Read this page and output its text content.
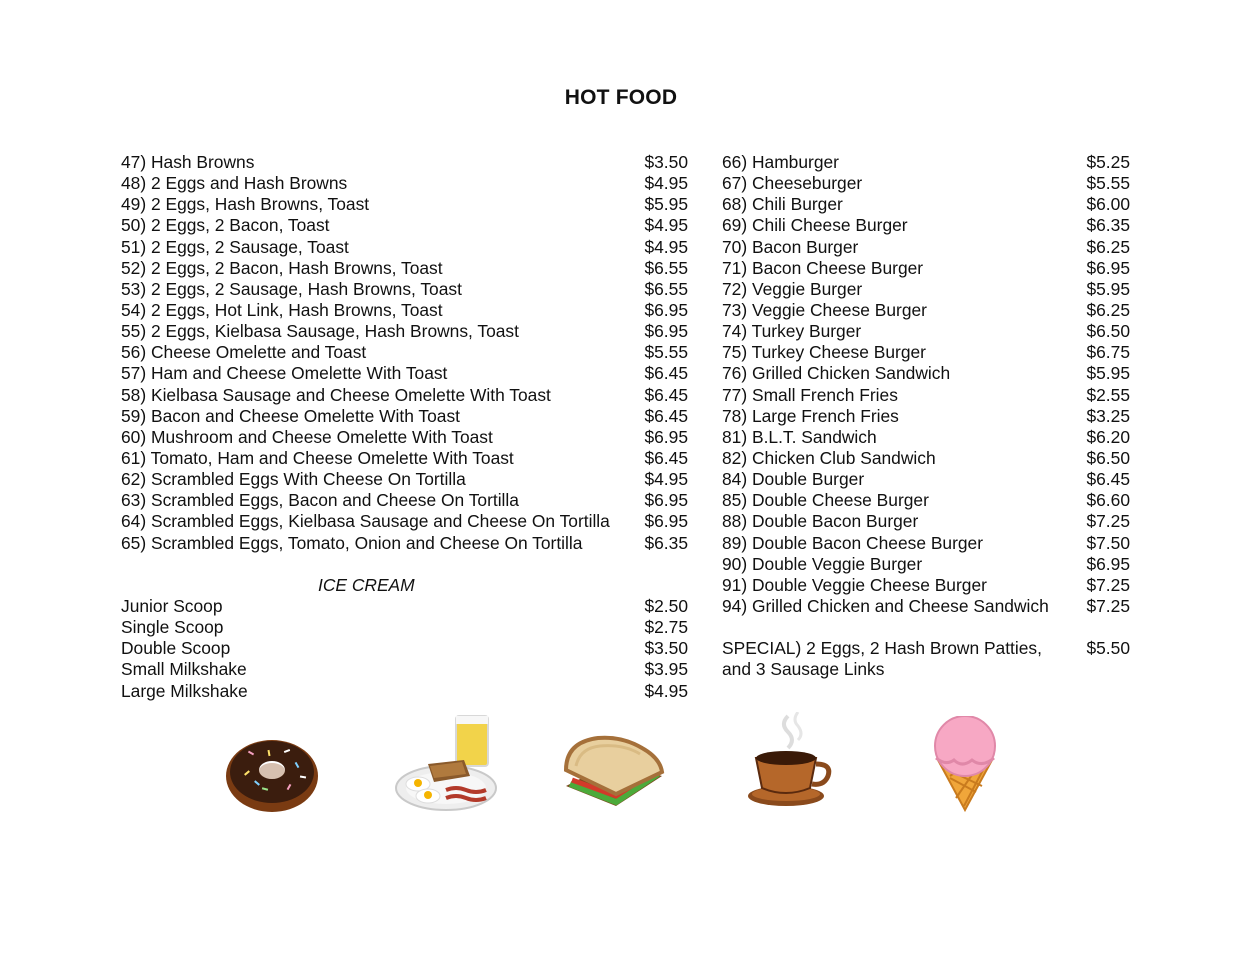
HOT FOOD
47) Hash Browns	$3.50
48) 2 Eggs and Hash Browns	$4.95
49) 2 Eggs, Hash Browns, Toast	$5.95
50) 2 Eggs, 2 Bacon, Toast	$4.95
51) 2 Eggs, 2 Sausage, Toast	$4.95
52) 2 Eggs, 2 Bacon, Hash Browns, Toast	$6.55
53) 2 Eggs, 2 Sausage, Hash Browns, Toast	$6.55
54) 2 Eggs, Hot Link, Hash Browns, Toast	$6.95
55) 2 Eggs, Kielbasa Sausage, Hash Browns, Toast	$6.95
56) Cheese Omelette and Toast	$5.55
57) Ham and Cheese Omelette With Toast	$6.45
58) Kielbasa Sausage and Cheese Omelette With Toast	$6.45
59) Bacon and Cheese Omelette With Toast	$6.45
60) Mushroom and Cheese Omelette With Toast	$6.95
61) Tomato, Ham and Cheese Omelette With Toast	$6.45
62) Scrambled Eggs With Cheese On Tortilla	$4.95
63) Scrambled Eggs, Bacon and Cheese On Tortilla	$6.95
64) Scrambled Eggs, Kielbasa Sausage and Cheese On Tortilla $6.95
65) Scrambled Eggs, Tomato, Onion and Cheese On Tortilla	$6.35
ICE CREAM
Junior Scoop	$2.50
Single Scoop	$2.75
Double Scoop	$3.50
Small Milkshake	$3.95
Large Milkshake	$4.95
66) Hamburger	$5.25
67) Cheeseburger	$5.55
68) Chili Burger	$6.00
69) Chili Cheese Burger	$6.35
70) Bacon Burger	$6.25
71) Bacon Cheese Burger	$6.95
72) Veggie Burger	$5.95
73) Veggie Cheese Burger	$6.25
74) Turkey Burger	$6.50
75) Turkey Cheese Burger	$6.75
76) Grilled Chicken Sandwich	$5.95
77) Small French Fries	$2.55
78) Large French Fries	$3.25
81) B.L.T. Sandwich	$6.20
82) Chicken Club Sandwich	$6.50
84) Double Burger	$6.45
85) Double Cheese Burger	$6.60
88) Double Bacon Burger	$7.25
89) Double Bacon Cheese Burger	$7.50
90) Double Veggie Burger	$6.95
91) Double Veggie Cheese Burger	$7.25
94) Grilled Chicken and Cheese Sandwich $7.25
SPECIAL) 2 Eggs, 2 Hash Brown Patties,	$5.50
and 3 Sausage Links
